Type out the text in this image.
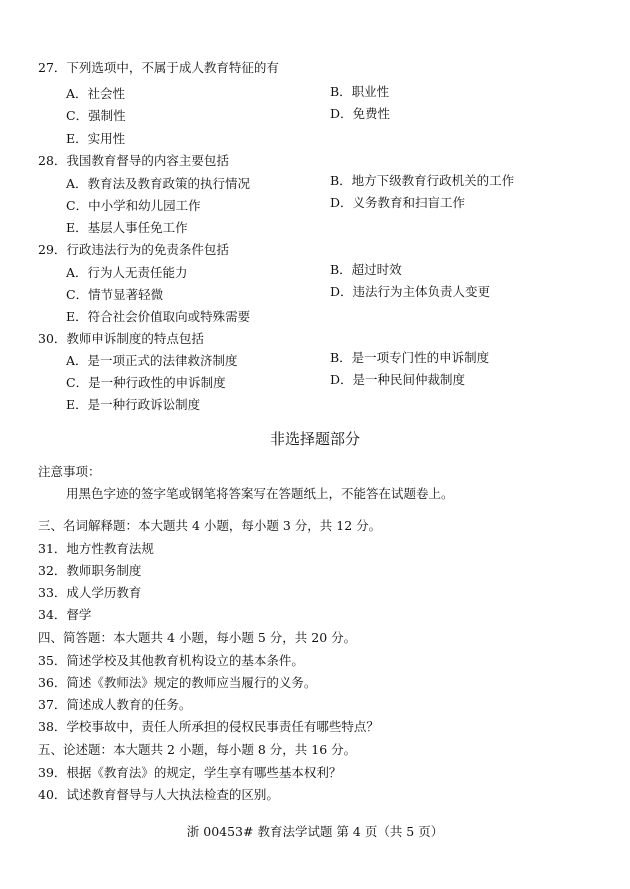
27．下列选项中，不属于成人教育特征的有
A．社会性	B．职业性
C．强制性	D．免费性
E．实用性
28．我国教育督导的内容主要包括
A．教育法及教育政策的执行情况	B．地方下级教育行政机关的工作
C．中小学和幼儿园工作	D．义务教育和扫盲工作
E．基层人事任免工作
29．行政违法行为的免责条件包括
A．行为人无责任能力	B．超过时效
C．情节显著轻微	D．违法行为主体负责人变更
E．符合社会价值取向或特殊需要
30．教师申诉制度的特点包括
A．是一项正式的法律救济制度	B．是一项专门性的申诉制度
C．是一种行政性的申诉制度	D．是一种民间仲裁制度
E．是一种行政诉讼制度
非选择题部分
注意事项：
用黑色字迹的签字笔或钢笔将答案写在答题纸上，不能答在试题卷上。
三、名词解释题：本大题共 4 小题，每小题 3 分，共 12 分。
31．地方性教育法规
32．教师职务制度
33．成人学历教育
34．督学
四、简答题：本大题共 4 小题，每小题 5 分，共 20 分。
35．简述学校及其他教育机构设立的基本条件。
36．简述《教师法》规定的教师应当履行的义务。
37．简述成人教育的任务。
38．学校事故中，责任人所承担的侵权民事责任有哪些特点？
五、论述题：本大题共 2 小题，每小题 8 分，共 16 分。
39．根据《教育法》的规定，学生享有哪些基本权利？
40．试述教育督导与人大执法检查的区别。
浙 00453# 教育法学试题 第 4 页（共 5 页）
